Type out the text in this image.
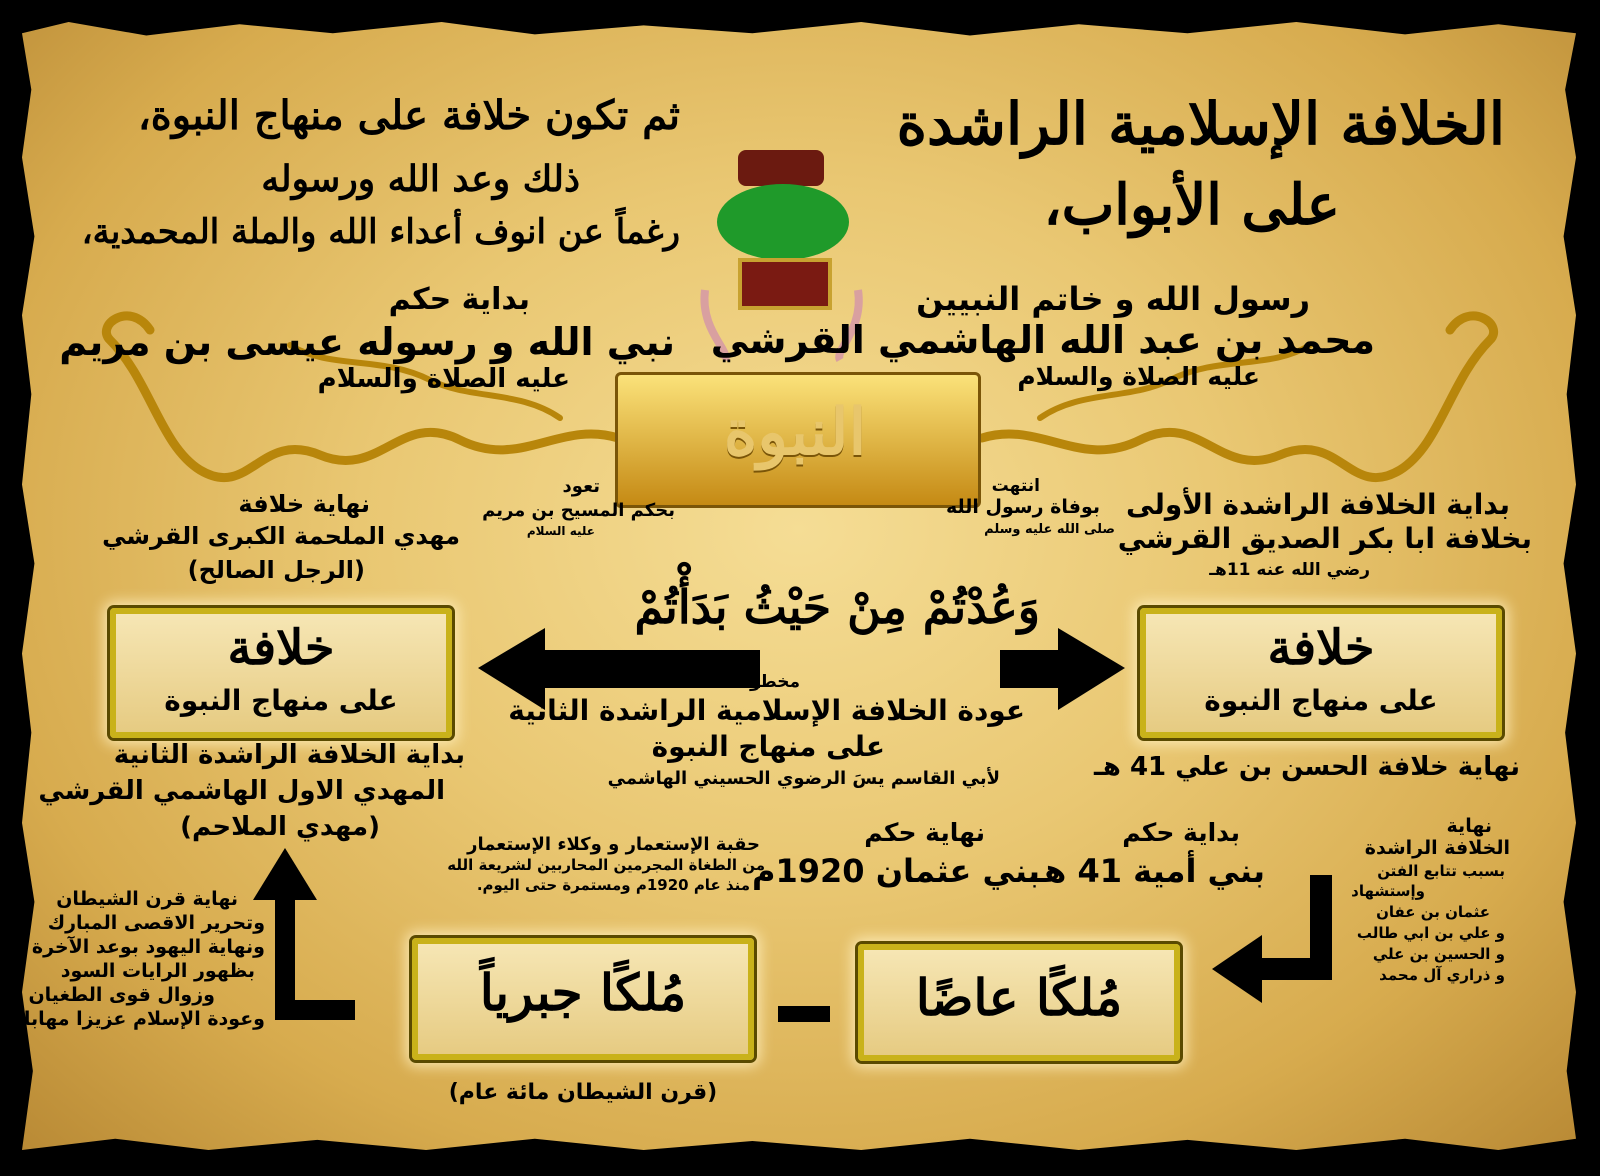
الخلافة الإسلامية الراشدة
على الأبواب،
ثم تكون خلافة على منهاج النبوة،
ذلك وعد الله ورسوله
رغماً عن انوف أعداء الله والملة المحمدية،
رسول الله و خاتم النبيين
محمد بن عبد الله الهاشمي القرشي
عليه الصلاة والسلام
بداية حكم
نبي الله و رسوله عيسى بن مريم
عليه الصلاة والسلام
النبوة
انتهت
بوفاة رسول الله
صلى الله عليه وسلم
تعود
بحكم المسيح بن مريم
عليه السلام
بداية الخلافة الراشدة الأولى
بخلافة ابا بكر الصديق القرشي
رضي الله عنه 11هـ
نهاية خلافة
مهدي الملحمة الكبرى القرشي
(الرجل الصالح)
وَعُدْتُمْ مِنْ حَيْثُ بَدَأْتُمْ
خلافة
على منهاج النبوة
خلافة
على منهاج النبوة
مخطوط
عودة الخلافة الإسلامية الراشدة الثانية
على منهاج النبوة
لأبي القاسم يسَ الرضوي الحسيني الهاشمي	نهاية خلافة الحسن بن علي 41 هـ
بداية الخلافة الراشدة الثانية
المهدي الاول الهاشمي القرشي
(مهدي الملاحم)	نهاية
الخلافة الراشدة
بسبب تتابع الفتن
وإستشهاد
عثمان بن عفان
و علي بن ابي طالب
و الحسين بن علي
و ذراري آل محمد
بداية حكم
بني أمية 41 هـ
نهاية حكم
بني عثمان 1920م
حقبة الإستعمار و وكلاء الإستعمار
من الطغاة المجرمين المحاربين لشريعة الله
منذ عام 1920م ومستمرة حتى اليوم.
نهاية قرن الشيطان
وتحرير الاقصى المبارك
ونهاية اليهود بوعد الآخرة
بظهور الرايات السود
وزوال قوى الطغيان
وعودة الإسلام عزيزا مهابا	مُلكًا عاضًا
مُلكًا جبرياً
(قرن الشيطان مائة عام)
